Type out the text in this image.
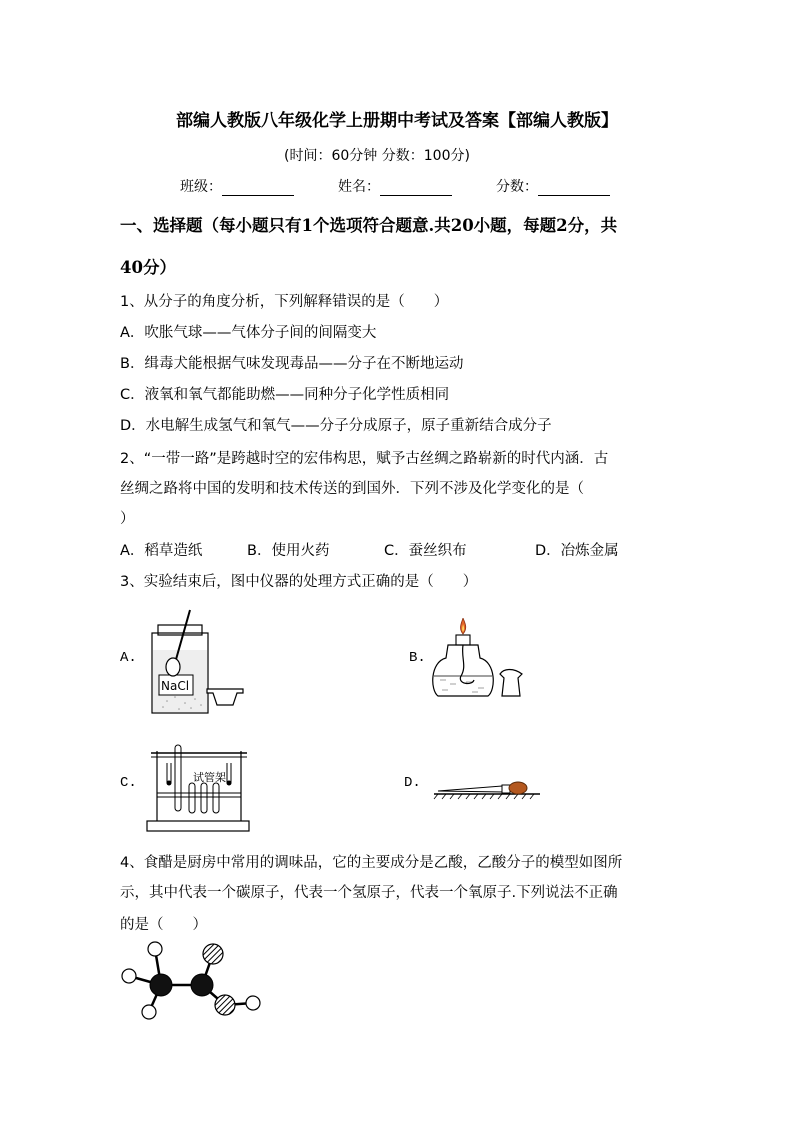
部编人教版八年级化学上册期中考试及答案【部编人教版】
(时间：60分钟 分数：100分)
班级：	姓名：	分数：
一、选择题（每小题只有1个选项符合题意.共20小题，每题2分，共
40分）
1、从分子的角度分析，下列解释错误的是（　　）
A．吹胀气球——气体分子间的间隔变大
B．缉毒犬能根据气味发现毒品——分子在不断地运动
C．液氧和氧气都能助燃——同种分子化学性质相同
D．水电解生成氢气和氧气——分子分成原子，原子重新结合成分子
2、“一带一路”是跨越时空的宏伟构思，赋予古丝绸之路崭新的时代内涵．古
丝绸之路将中国的发明和技术传送的到国外．下列不涉及化学变化的是（
）
A．稻草造纸	B．使用火药	C．蚕丝织布	D．冶炼金属
3、实验结束后，图中仪器的处理方式正确的是（　　）
A.	B.
C.	D.
NaCl
试管架
4、食醋是厨房中常用的调味品，它的主要成分是乙酸，乙酸分子的模型如图所
示，其中代表一个碳原子，代表一个氢原子，代表一个氧原子.下列说法不正确
的是（　　）
